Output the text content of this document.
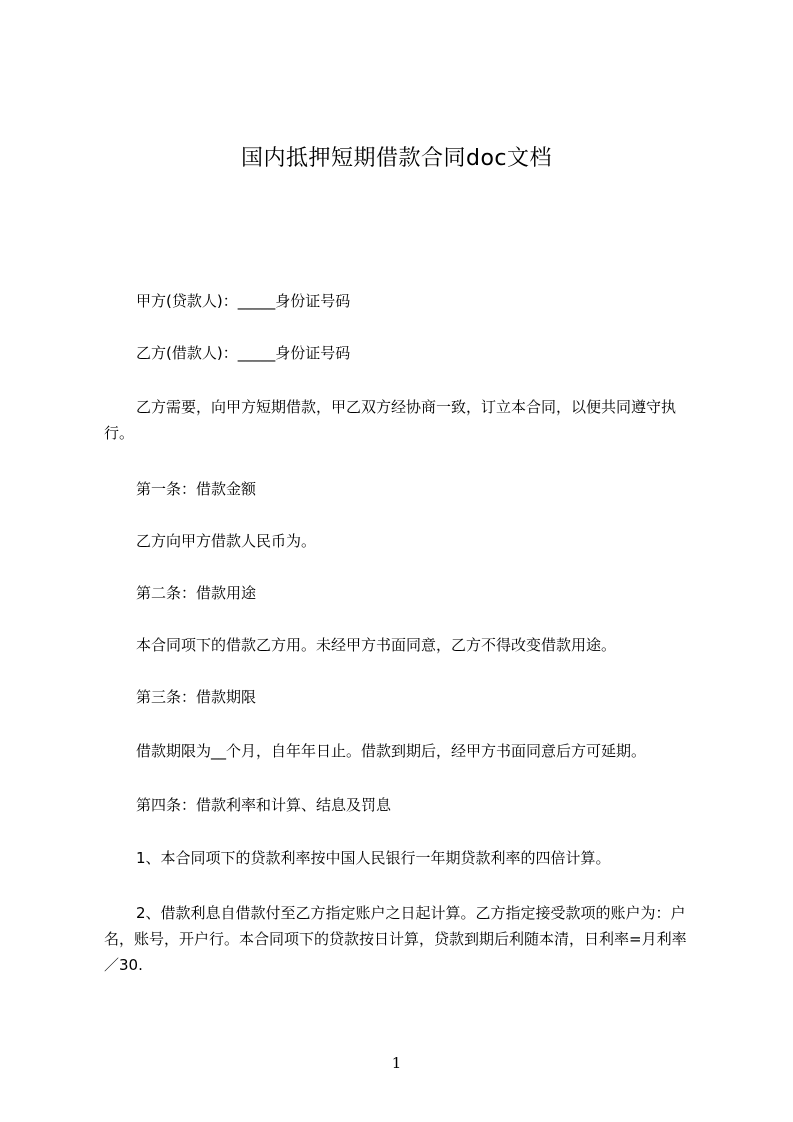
国内抵押短期借款合同doc文档
甲方(贷款人)：_____身份证号码
乙方(借款人)：_____身份证号码
乙方需要，向甲方短期借款，甲乙双方经协商一致，订立本合同，以便共同遵守执行。
第一条：借款金额
乙方向甲方借款人民币为。
第二条：借款用途
本合同项下的借款乙方用。未经甲方书面同意，乙方不得改变借款用途。
第三条：借款期限
借款期限为__个月，自年年日止。借款到期后，经甲方书面同意后方可延期。
第四条：借款利率和计算、结息及罚息
1、本合同项下的贷款利率按中国人民银行一年期贷款利率的四倍计算。
2、借款利息自借款付至乙方指定账户之日起计算。乙方指定接受款项的账户为：户名，账号，开户行。本合同项下的贷款按日计算，贷款到期后利随本清，日利率=月利率／30.
1
